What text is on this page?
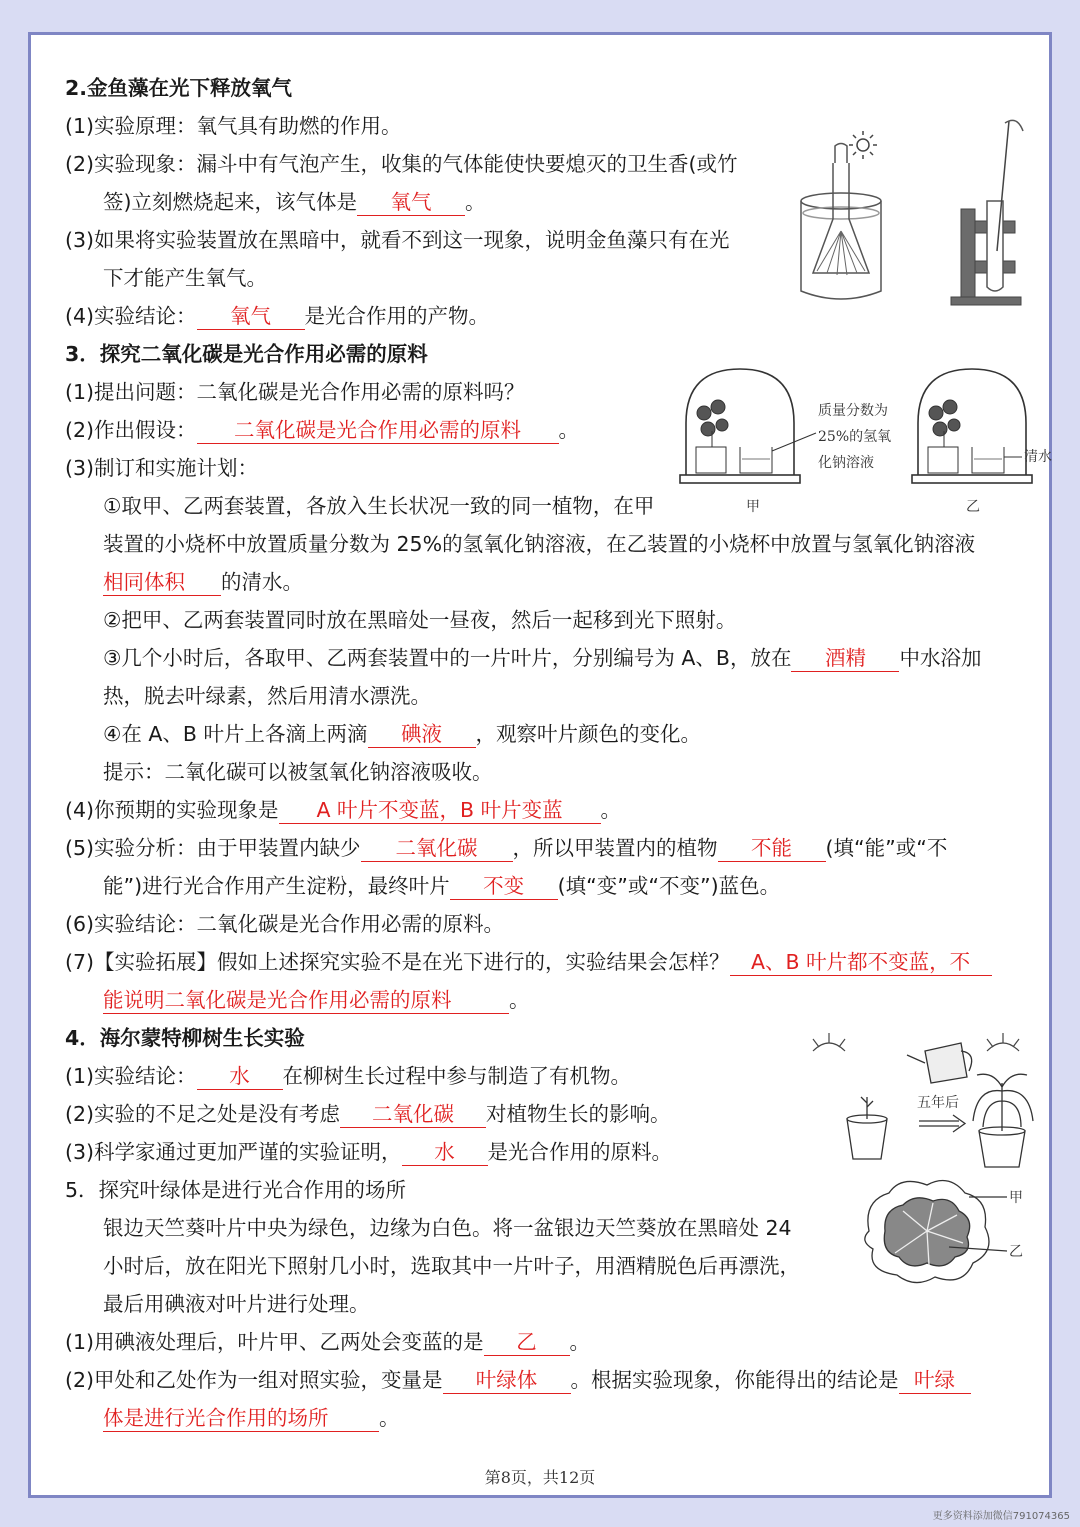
2.金鱼藻在光下释放氧气
(1)实验原理：氧气具有助燃的作用。
(2)实验现象：漏斗中有气泡产生，收集的气体能使快要熄灭的卫生香(或竹
签)立刻燃烧起来，该气体是 氧气 。
(3)如果将实验装置放在黑暗中，就看不到这一现象，说明金鱼藻只有在光
下才能产生氧气。
(4)实验结论： 氧气 是光合作用的产物。
3．探究二氧化碳是光合作用必需的原料
(1)提出问题：二氧化碳是光合作用必需的原料吗？
(2)作出假设： 二氧化碳是光合作用必需的原料 。
(3)制订和实施计划：
①取甲、乙两套装置，各放入生长状况一致的同一植物，在甲
装置的小烧杯中放置质量分数为 25%的氢氧化钠溶液，在乙装置的小烧杯中放置与氢氧化钠溶液
相同体积 的清水。
②把甲、乙两套装置同时放在黑暗处一昼夜，然后一起移到光下照射。
③几个小时后，各取甲、乙两套装置中的一片叶片，分别编号为 A、B，放在 酒精 中水浴加
热，脱去叶绿素，然后用清水漂洗。
④在 A、B 叶片上各滴上两滴 碘液 ，观察叶片颜色的变化。
提示：二氧化碳可以被氢氧化钠溶液吸收。
(4)你预期的实验现象是 A 叶片不变蓝，B 叶片变蓝 。
(5)实验分析：由于甲装置内缺少 二氧化碳 ，所以甲装置内的植物 不能 (填“能”或“不
能”)进行光合作用产生淀粉，最终叶片 不变 (填“变”或“不变”)蓝色。
(6)实验结论：二氧化碳是光合作用必需的原料。
(7)【实验拓展】假如上述探究实验不是在光下进行的，实验结果会怎样？ A、B 叶片都不变蓝，不
能说明二氧化碳是光合作用必需的原料	。
4．海尔蒙特柳树生长实验
(1)实验结论： 水 在柳树生长过程中参与制造了有机物。
(2)实验的不足之处是没有考虑 二氧化碳 对植物生长的影响。
(3)科学家通过更加严谨的实验证明， 水 是光合作用的原料。
5．探究叶绿体是进行光合作用的场所
银边天竺葵叶片中央为绿色，边缘为白色。将一盆银边天竺葵放在黑暗处 24
小时后，放在阳光下照射几小时，选取其中一片叶子，用酒精脱色后再漂洗，
最后用碘液对叶片进行处理。
(1)用碘液处理后，叶片甲、乙两处会变蓝的是 乙 。
(2)甲处和乙处作为一组对照实验，变量是 叶绿体 。根据实验现象，你能得出的结论是 叶绿
体是进行光合作用的场所 。
质量分数为
25%的氢氧
化钠溶液
甲
清水
乙
五年后
甲
乙
第8页，共12页
更多资料添加微信791074365
